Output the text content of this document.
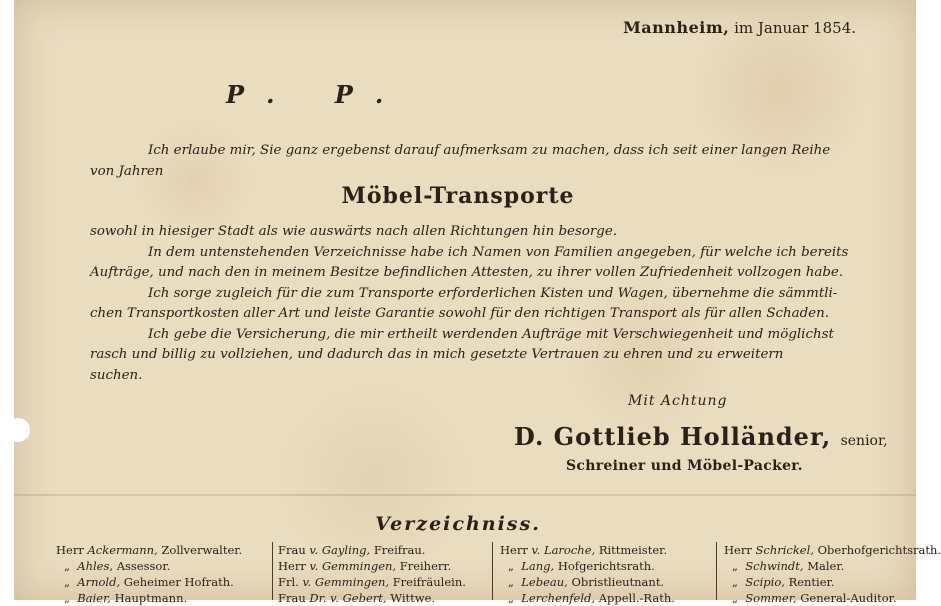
Mannheim, im Januar 1854.
P. P.
Ich erlaube mir, Sie ganz ergebenst darauf aufmerksam zu machen, dass ich seit einer langen Reihe
von Jahren
Möbel-Transporte
sowohl in hiesiger Stadt als wie auswärts nach allen Richtungen hin besorge.
In dem untenstehenden Verzeichnisse habe ich Namen von Familien angegeben, für welche ich bereits
Aufträge, und nach den in meinem Besitze befindlichen Attesten, zu ihrer vollen Zufriedenheit vollzogen habe.
Ich sorge zugleich für die zum Transporte erforderlichen Kisten und Wagen, übernehme die sämmtli-
chen Transportkosten aller Art und leiste Garantie sowohl für den richtigen Transport als für allen Schaden.
Ich gebe die Versicherung, die mir ertheilt werdenden Aufträge mit Verschwiegenheit und möglichst
rasch und billig zu vollziehen, und dadurch das in mich gesetzte Vertrauen zu ehren und zu erweitern
suchen.
Mit Achtung
D. Gottlieb Holländer, senior,
Schreiner und Möbel-Packer.
Verzeichniss.
Herr Ackermann, Zollverwalter.
„ Ahles, Assessor.
„ Arnold, Geheimer Hofrath.
„ Baier, Hauptmann.
Frau v. Gayling, Freifrau.
Herr v. Gemmingen, Freiherr.
Frl. v. Gemmingen, Freifräulein.
Frau Dr. v. Gebert, Wittwe.
Herr v. Laroche, Rittmeister.
„ Lang, Hofgerichtsrath.
„ Lebeau, Obristlieutnant.
„ Lerchenfeld, Appell.-Rath.
Herr Schrickel, Oberhofgerichtsrath.
„ Schwindt, Maler.
„ Scipio, Rentier.
„ Sommer, General-Auditor.
